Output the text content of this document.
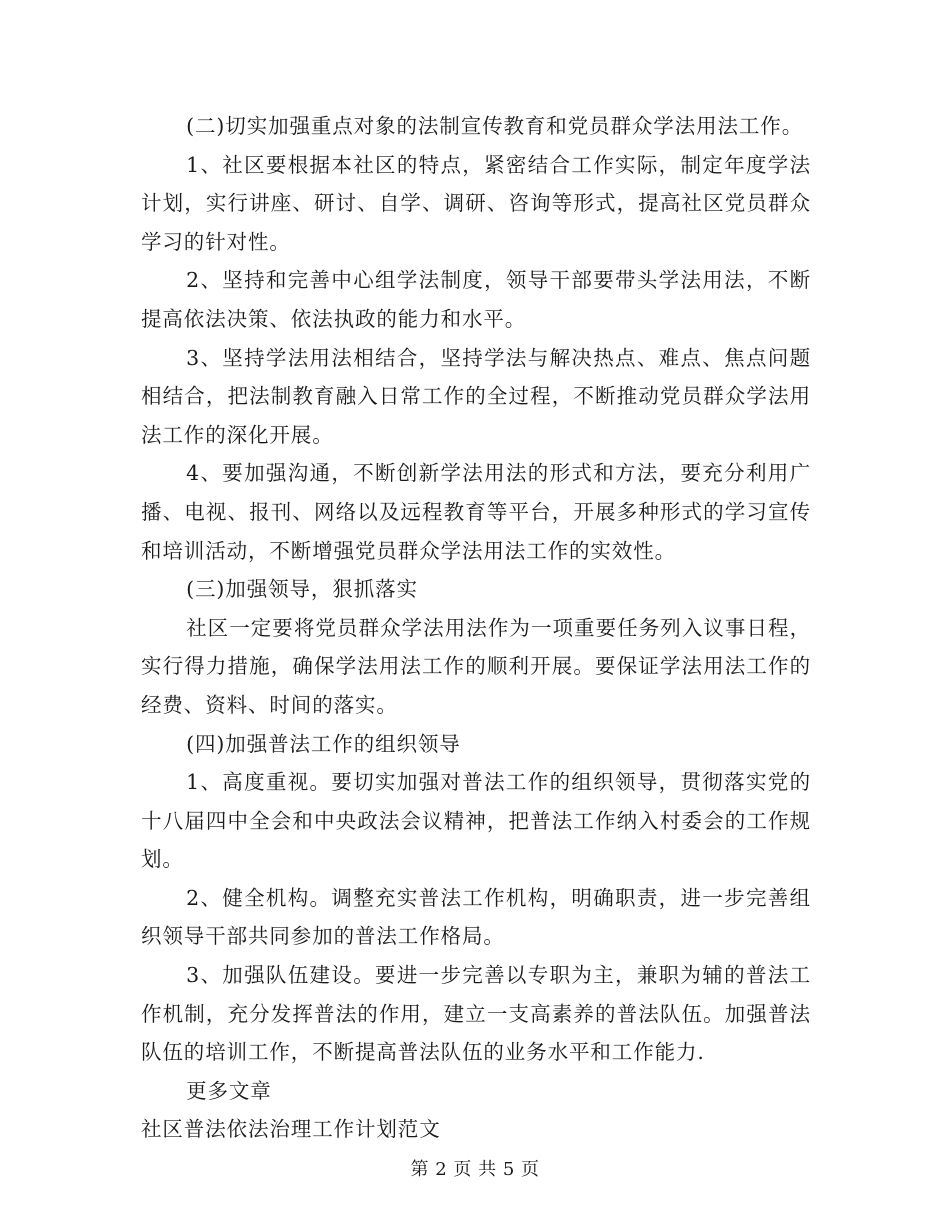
(二)切实加强重点对象的法制宣传教育和党员群众学法用法工作。

1、社区要根据本社区的特点，紧密结合工作实际，制定年度学法计划，实行讲座、研讨、自学、调研、咨询等形式，提高社区党员群众学习的针对性。

2、坚持和完善中心组学法制度，领导干部要带头学法用法，不断提高依法决策、依法执政的能力和水平。

3、坚持学法用法相结合，坚持学法与解决热点、难点、焦点问题相结合，把法制教育融入日常工作的全过程，不断推动党员群众学法用法工作的深化开展。

4、要加强沟通，不断创新学法用法的形式和方法，要充分利用广播、电视、报刊、网络以及远程教育等平台，开展多种形式的学习宣传和培训活动，不断增强党员群众学法用法工作的实效性。

(三)加强领导，狠抓落实

社区一定要将党员群众学法用法作为一项重要任务列入议事日程，实行得力措施，确保学法用法工作的顺利开展。要保证学法用法工作的经费、资料、时间的落实。

(四)加强普法工作的组织领导

1、高度重视。要切实加强对普法工作的组织领导，贯彻落实党的十八届四中全会和中央政法会议精神，把普法工作纳入村委会的工作规划。

2、健全机构。调整充实普法工作机构，明确职责，进一步完善组织领导干部共同参加的普法工作格局。

3、加强队伍建设。要进一步完善以专职为主，兼职为辅的普法工作机制，充分发挥普法的作用，建立一支高素养的普法队伍。加强普法队伍的培训工作，不断提高普法队伍的业务水平和工作能力.

更多文章

社区普法依法治理工作计划范文

第 2 页 共 5 页
